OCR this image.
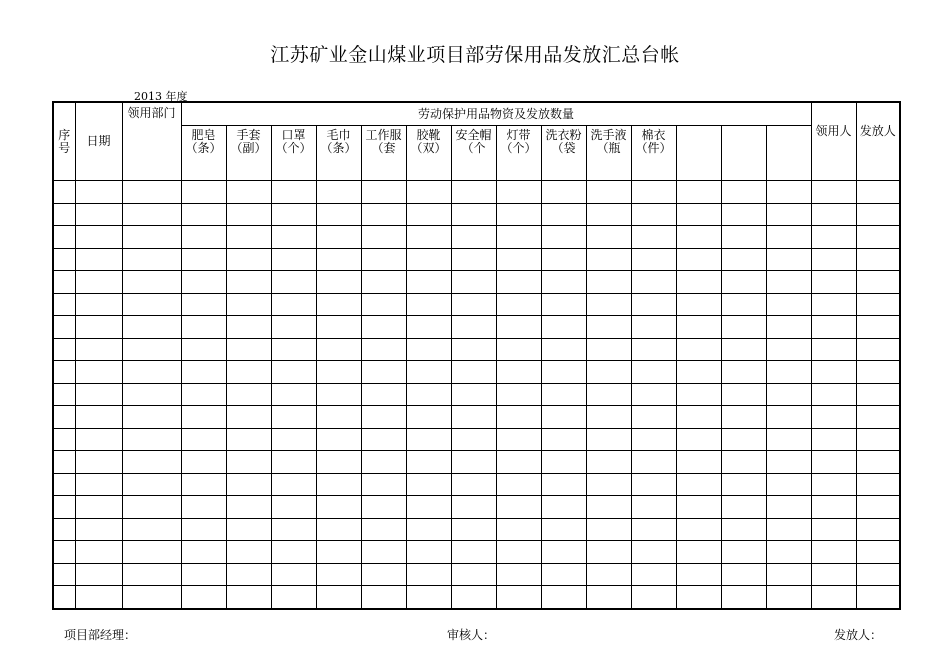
江苏矿业金山煤业项目部劳保用品发放汇总台帐
2013 年度
序号	日期	领用部门	劳动保护用品物资及发放数量														领用人	发放人
			肥皂（条）	手套（副）	口罩（个）	毛巾（条）	工作服（套	胶靴（双）	安全帽（个	灯带（个）	洗衣粉（袋	洗手液（瓶	棉衣（件）					

项目部经理：	审核人：	发放人：
